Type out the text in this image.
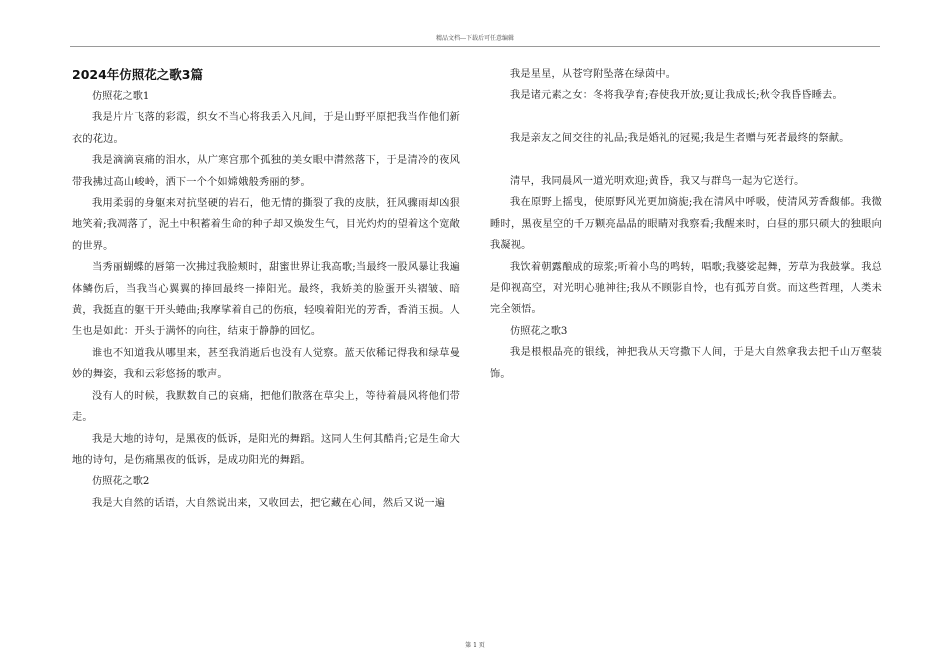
精品文档---下载后可任意编辑
2024年仿照花之歌3篇

仿照花之歌1

我是片片飞落的彩霞，织女不当心将我丢入凡间，于是山野平原把我当作他们新衣的花边。

我是滴滴哀痛的泪水，从广寒宫那个孤独的美女眼中潸然落下，于是清冷的夜风带我拂过高山峻岭，洒下一个个如嫦娥般秀丽的梦。

我用柔弱的身躯来对抗坚硬的岩石，他无情的撕裂了我的皮肤，狂风骤雨却凶狠地笑着;我凋落了，泥土中积蓄着生命的种子却又焕发生气，目光灼灼的望着这个宽敞的世界。

当秀丽蝴蝶的唇第一次拂过我脸颊时，甜蜜世界让我高歌;当最终一股风暴让我遍体鳞伤后，当我当心翼翼的捧回最终一捧阳光。最终，我娇美的脸蛋开头褶皱、暗黄，我挺直的躯干开头蜷曲;我摩挲着自己的伤痕，轻嗅着阳光的芳香，香消玉损。人生也是如此：开头于满怀的向往，结束于静静的回忆。

谁也不知道我从哪里来，甚至我消逝后也没有人觉察。蓝天依稀记得我和绿草曼妙的舞姿，我和云彩悠扬的歌声。

没有人的时候，我默数自己的哀痛，把他们散落在草尖上，等待着晨风将他们带走。

我是大地的诗句，是黑夜的低诉，是阳光的舞蹈。这同人生何其酷肖;它是生命大地的诗句，是伤痛黑夜的低诉，是成功阳光的舞蹈。

仿照花之歌2

我是大自然的话语，大自然说出来，又收回去，把它藏在心间，然后又说一遍

我是星星，从苍穹附坠落在绿茵中。

我是诸元素之女：冬将我孕育;春使我开放;夏让我成长;秋令我昏昏睡去。

我是亲友之间交往的礼品;我是婚礼的冠冕;我是生者赠与死者最终的祭献。

清早，我同晨风一道光明欢迎;黄昏，我又与群鸟一起为它送行。

我在原野上摇曳，使原野风光更加旖旎;我在清风中呼吸，使清风芳香馥郁。我微睡时，黑夜星空的千万颗亮晶晶的眼睛对我察看;我醒来时，白昼的那只硕大的独眼向我凝视。

我饮着朝露酿成的琼浆;听着小鸟的鸣转，唱歌;我婆娑起舞，芳草为我鼓掌。我总是仰视高空，对光明心驰神往;我从不顾影自怜，也有孤芳自赏。而这些哲理，人类未完全领悟。

仿照花之歌3

我是根根晶亮的银线，神把我从天穹撒下人间，于是大自然拿我去把千山万壑装饰。

第 1 页
